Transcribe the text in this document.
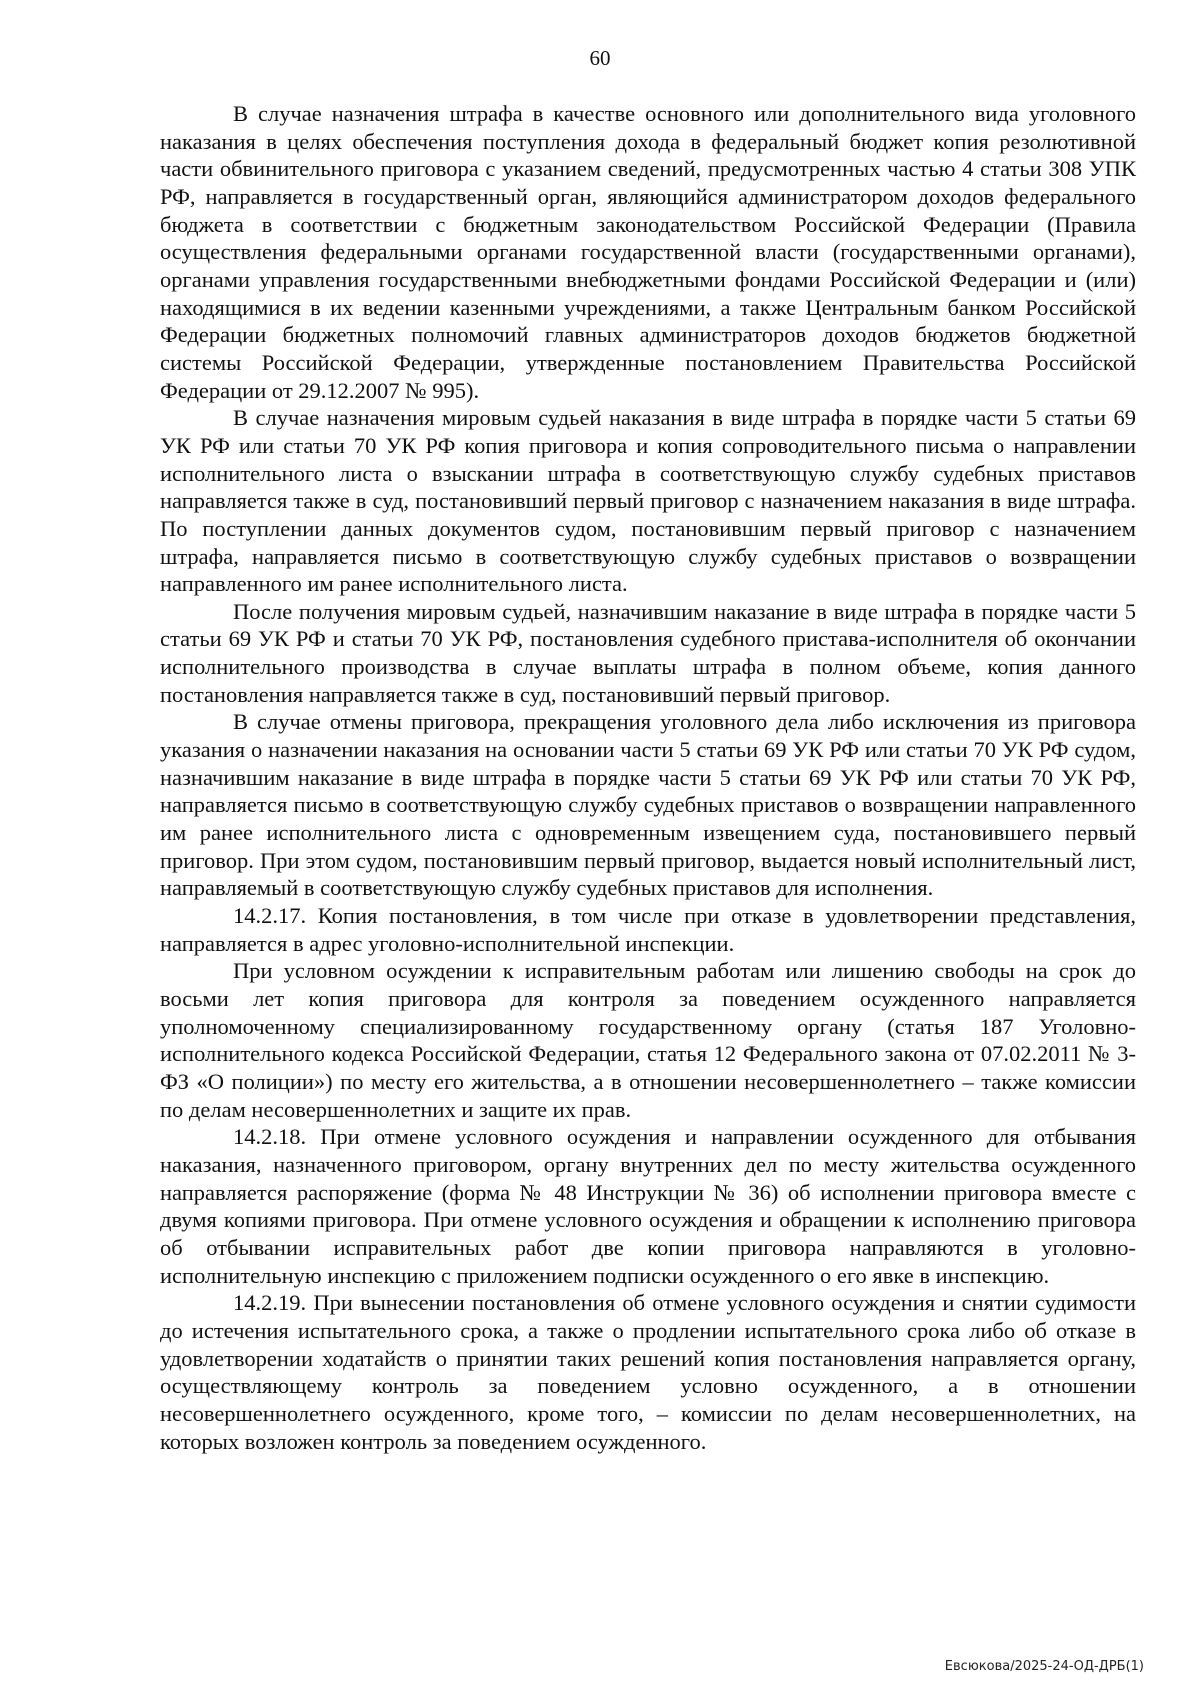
60

В случае назначения штрафа в качестве основного или дополнительного вида уголовного наказания в целях обеспечения поступления дохода в федеральный бюджет копия резолютивной части обвинительного приговора с указанием сведений, предусмотренных частью 4 статьи 308 УПК РФ, направляется в государственный орган, являющийся администратором доходов федерального бюджета в соответствии с бюджетным законодательством Российской Федерации (Правила осуществления федеральными органами государственной власти (государственными органами), органами управления государственными внебюджетными фондами Российской Федерации и (или) находящимися в их ведении казенными учреждениями, а также Центральным банком Российской Федерации бюджетных полномочий главных администраторов доходов бюджетов бюджетной системы Российской Федерации, утвержденные постановлением Правительства Российской Федерации от 29.12.2007 № 995).

В случае назначения мировым судьей наказания в виде штрафа в порядке части 5 статьи 69 УК РФ или статьи 70 УК РФ копия приговора и копия сопроводительного письма о направлении исполнительного листа о взыскании штрафа в соответствующую службу судебных приставов направляется также в суд, постановивший первый приговор с назначением наказания в виде штрафа. По поступлении данных документов судом, постановившим первый приговор с назначением штрафа, направляется письмо в соответствующую службу судебных приставов о возвращении направленного им ранее исполнительного листа.

После получения мировым судьей, назначившим наказание в виде штрафа в порядке части 5 статьи 69 УК РФ и статьи 70 УК РФ, постановления судебного пристава-исполнителя об окончании исполнительного производства в случае выплаты штрафа в полном объеме, копия данного постановления направляется также в суд, постановивший первый приговор.

В случае отмены приговора, прекращения уголовного дела либо исключения из приговора указания о назначении наказания на основании части 5 статьи 69 УК РФ или статьи 70 УК РФ судом, назначившим наказание в виде штрафа в порядке части 5 статьи 69 УК РФ или статьи 70 УК РФ, направляется письмо в соответствующую службу судебных приставов о возвращении направленного им ранее исполнительного листа с одновременным извещением суда, постановившего первый приговор. При этом судом, постановившим первый приговор, выдается новый исполнительный лист, направляемый в соответствующую службу судебных приставов для исполнения.

14.2.17. Копия постановления, в том числе при отказе в удовлетворении представления, направляется в адрес уголовно-исполнительной инспекции.

При условном осуждении к исправительным работам или лишению свободы на срок до восьми лет копия приговора для контроля за поведением осужденного направляется уполномоченному специализированному государственному органу (статья 187 Уголовно-исполнительного кодекса Российской Федерации, статья 12 Федерального закона от 07.02.2011 № 3-ФЗ «О полиции») по месту его жительства, а в отношении несовершеннолетнего – также комиссии по делам несовершеннолетних и защите их прав.

14.2.18. При отмене условного осуждения и направлении осужденного для отбывания наказания, назначенного приговором, органу внутренних дел по месту жительства осужденного направляется распоряжение (форма № 48 Инструкции № 36) об исполнении приговора вместе с двумя копиями приговора. При отмене условного осуждения и обращении к исполнению приговора об отбывании исправительных работ две копии приговора направляются в уголовно-исполнительную инспекцию с приложением подписки осужденного о его явке в инспекцию.

14.2.19. При вынесении постановления об отмене условного осуждения и снятии судимости до истечения испытательного срока, а также о продлении испытательного срока либо об отказе в удовлетворении ходатайств о принятии таких решений копия постановления направляется органу, осуществляющему контроль за поведением условно осужденного, а в отношении несовершеннолетнего осужденного, кроме того, – комиссии по делам несовершеннолетних, на которых возложен контроль за поведением осужденного.

Евсюкова/2025-24-ОД-ДРБ(1)
